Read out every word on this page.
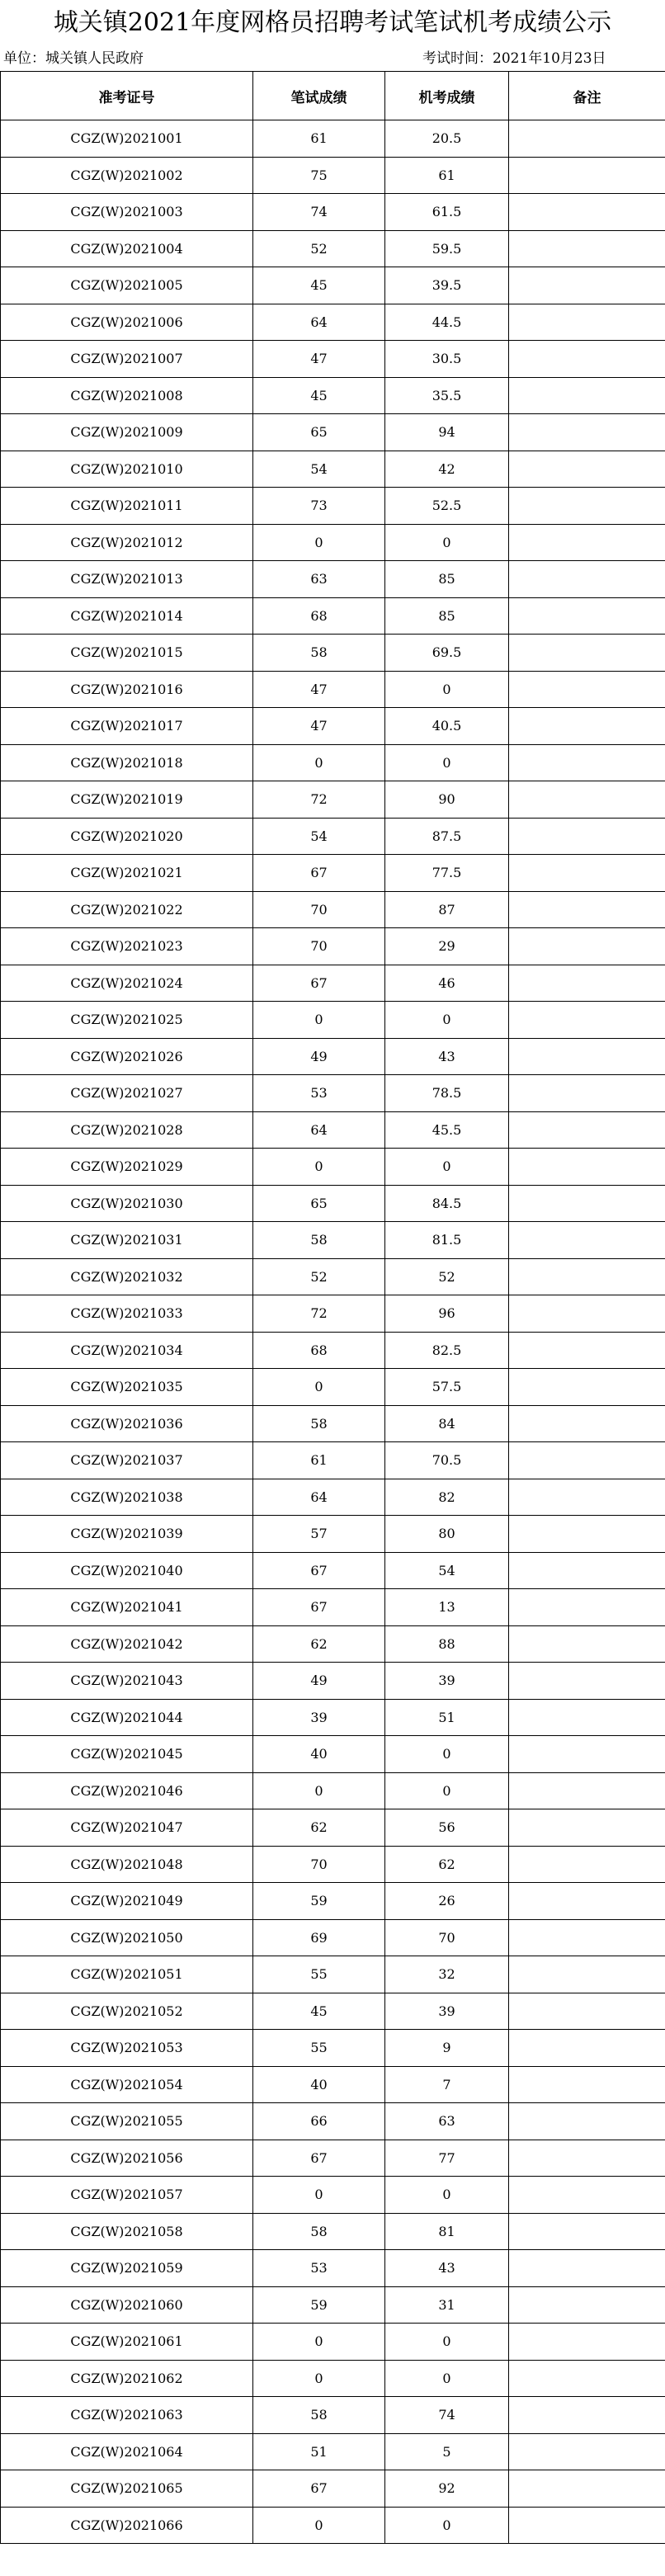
城关镇2021年度网格员招聘考试笔试机考成绩公示
单位：城关镇人民政府	考试时间：2021年10月23日
准考证号	笔试成绩	机考成绩	备注
CGZ(W)2021001	61	20.5	
CGZ(W)2021002	75	61	
CGZ(W)2021003	74	61.5	
CGZ(W)2021004	52	59.5	
CGZ(W)2021005	45	39.5	
CGZ(W)2021006	64	44.5	
CGZ(W)2021007	47	30.5	
CGZ(W)2021008	45	35.5	
CGZ(W)2021009	65	94	
CGZ(W)2021010	54	42	
CGZ(W)2021011	73	52.5	
CGZ(W)2021012	0	0	
CGZ(W)2021013	63	85	
CGZ(W)2021014	68	85	
CGZ(W)2021015	58	69.5	
CGZ(W)2021016	47	0	
CGZ(W)2021017	47	40.5	
CGZ(W)2021018	0	0	
CGZ(W)2021019	72	90	
CGZ(W)2021020	54	87.5	
CGZ(W)2021021	67	77.5	
CGZ(W)2021022	70	87	
CGZ(W)2021023	70	29	
CGZ(W)2021024	67	46	
CGZ(W)2021025	0	0	
CGZ(W)2021026	49	43	
CGZ(W)2021027	53	78.5	
CGZ(W)2021028	64	45.5	
CGZ(W)2021029	0	0	
CGZ(W)2021030	65	84.5	
CGZ(W)2021031	58	81.5	
CGZ(W)2021032	52	52	
CGZ(W)2021033	72	96	
CGZ(W)2021034	68	82.5	
CGZ(W)2021035	0	57.5	
CGZ(W)2021036	58	84	
CGZ(W)2021037	61	70.5	
CGZ(W)2021038	64	82	
CGZ(W)2021039	57	80	
CGZ(W)2021040	67	54	
CGZ(W)2021041	67	13	
CGZ(W)2021042	62	88	
CGZ(W)2021043	49	39	
CGZ(W)2021044	39	51	
CGZ(W)2021045	40	0	
CGZ(W)2021046	0	0	
CGZ(W)2021047	62	56	
CGZ(W)2021048	70	62	
CGZ(W)2021049	59	26	
CGZ(W)2021050	69	70	
CGZ(W)2021051	55	32	
CGZ(W)2021052	45	39	
CGZ(W)2021053	55	9	
CGZ(W)2021054	40	7	
CGZ(W)2021055	66	63	
CGZ(W)2021056	67	77	
CGZ(W)2021057	0	0	
CGZ(W)2021058	58	81	
CGZ(W)2021059	53	43	
CGZ(W)2021060	59	31	
CGZ(W)2021061	0	0	
CGZ(W)2021062	0	0	
CGZ(W)2021063	58	74	
CGZ(W)2021064	51	5	
CGZ(W)2021065	67	92	
CGZ(W)2021066	0	0	
